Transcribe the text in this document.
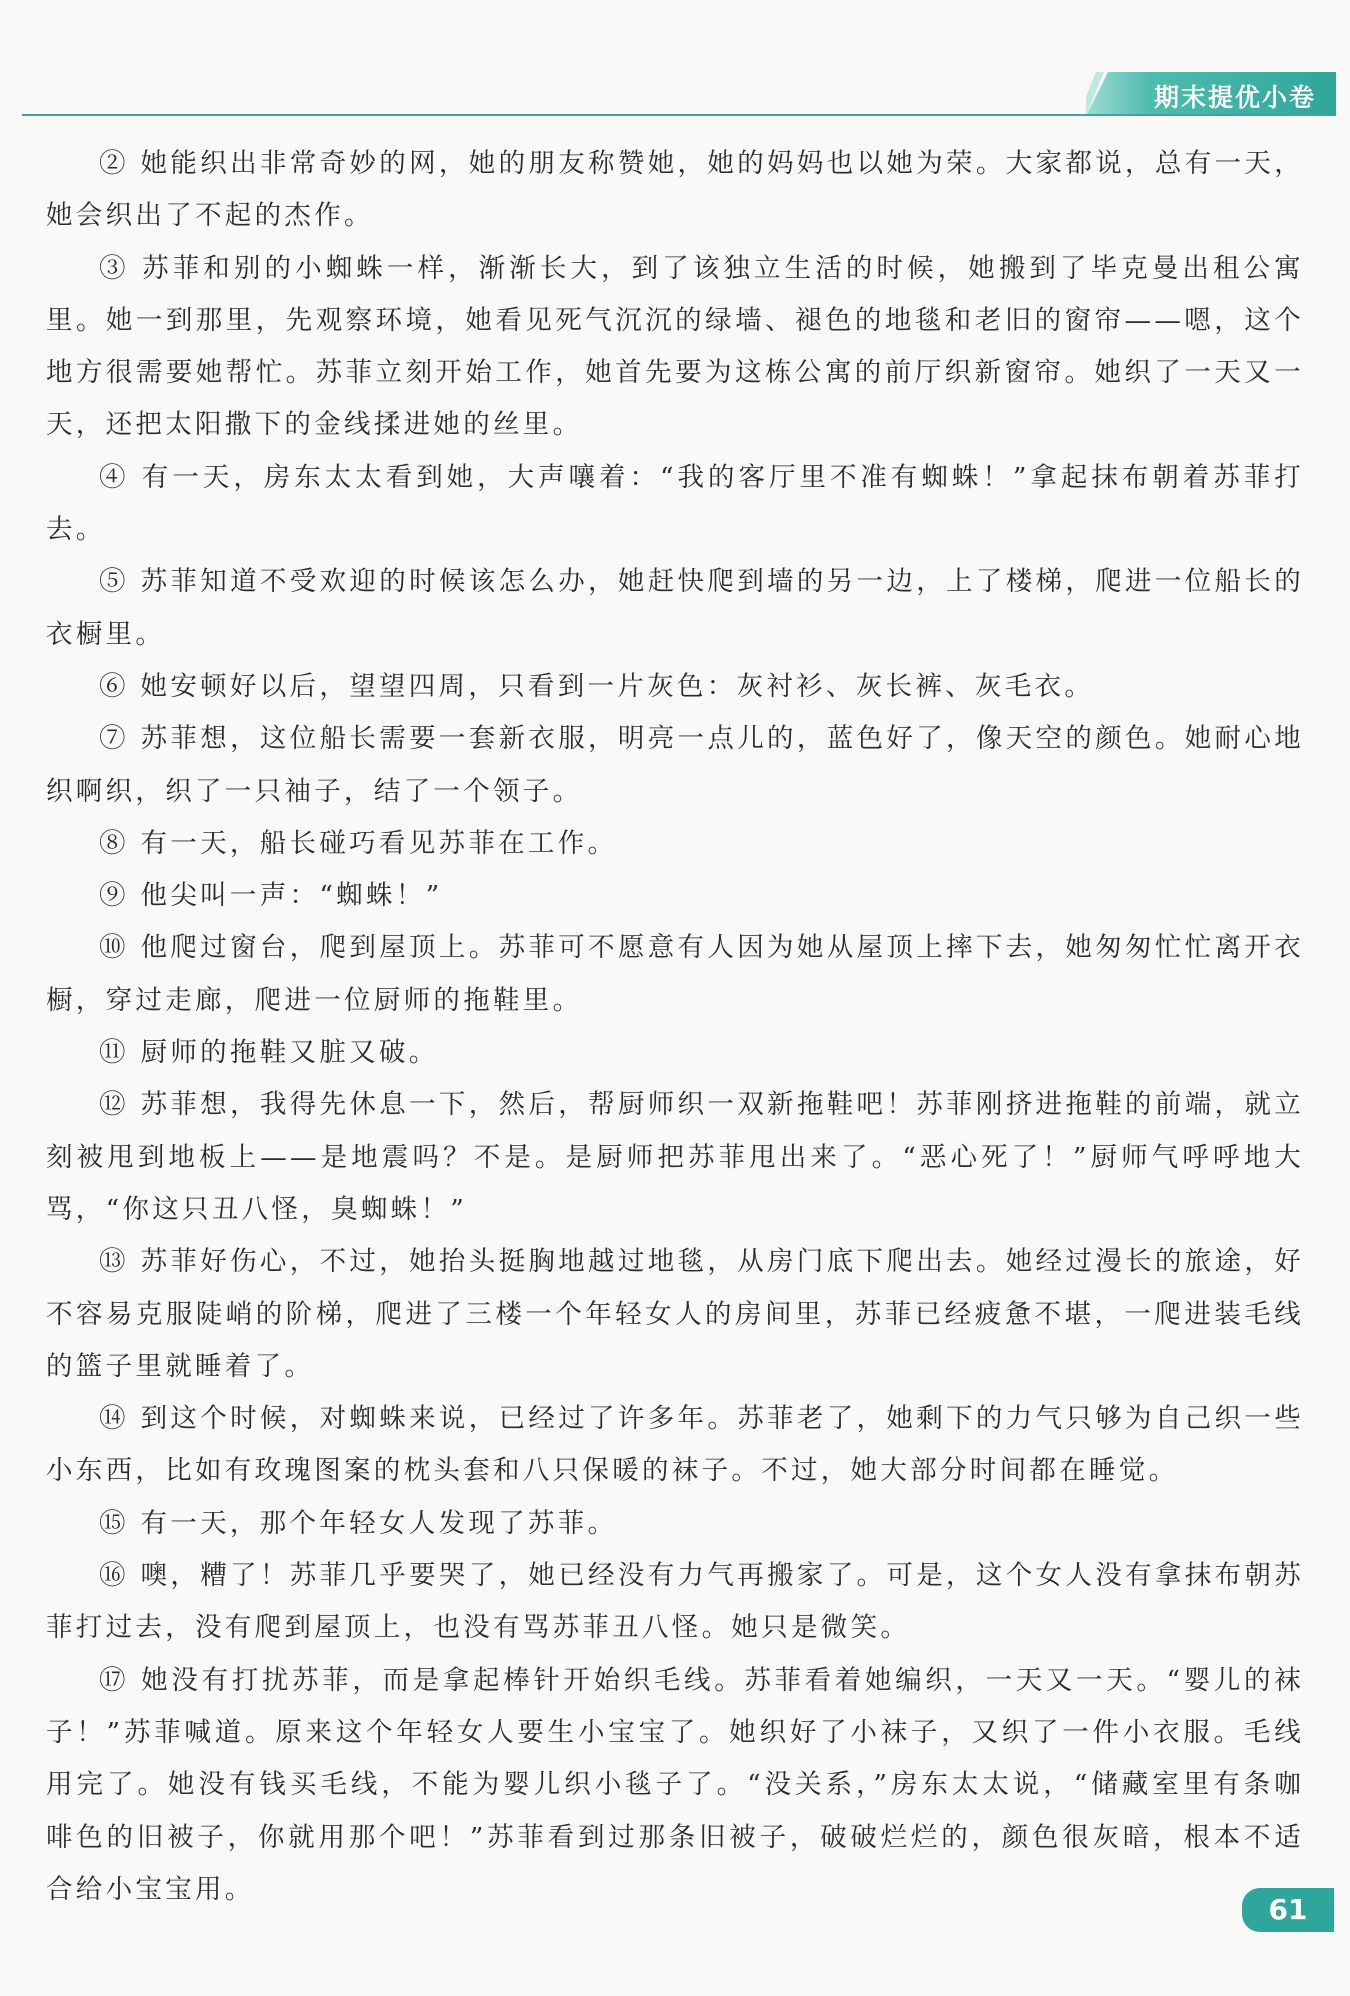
期末提优小卷

② 她能织出非常奇妙的网，她的朋友称赞她，她的妈妈也以她为荣。大家都说，总有一天，她会织出了不起的杰作。

③ 苏菲和别的小蜘蛛一样，渐渐长大，到了该独立生活的时候，她搬到了毕克曼出租公寓里。她一到那里，先观察环境，她看见死气沉沉的绿墙、褪色的地毯和老旧的窗帘——嗯，这个地方很需要她帮忙。苏菲立刻开始工作，她首先要为这栋公寓的前厅织新窗帘。她织了一天又一天，还把太阳撒下的金线揉进她的丝里。

④ 有一天，房东太太看到她，大声嚷着：“我的客厅里不准有蜘蛛！”拿起抹布朝着苏菲打去。

⑤ 苏菲知道不受欢迎的时候该怎么办，她赶快爬到墙的另一边，上了楼梯，爬进一位船长的衣橱里。

⑥ 她安顿好以后，望望四周，只看到一片灰色：灰衬衫、灰长裤、灰毛衣。

⑦ 苏菲想，这位船长需要一套新衣服，明亮一点儿的，蓝色好了，像天空的颜色。她耐心地织啊织，织了一只袖子，结了一个领子。

⑧ 有一天，船长碰巧看见苏菲在工作。

⑨ 他尖叫一声：“蜘蛛！”

⑩ 他爬过窗台，爬到屋顶上。苏菲可不愿意有人因为她从屋顶上摔下去，她匆匆忙忙离开衣橱，穿过走廊，爬进一位厨师的拖鞋里。

⑪ 厨师的拖鞋又脏又破。

⑫ 苏菲想，我得先休息一下，然后，帮厨师织一双新拖鞋吧！苏菲刚挤进拖鞋的前端，就立刻被甩到地板上——是地震吗？不是。是厨师把苏菲甩出来了。“恶心死了！”厨师气呼呼地大骂，“你这只丑八怪，臭蜘蛛！”

⑬ 苏菲好伤心，不过，她抬头挺胸地越过地毯，从房门底下爬出去。她经过漫长的旅途，好不容易克服陡峭的阶梯，爬进了三楼一个年轻女人的房间里，苏菲已经疲惫不堪，一爬进装毛线的篮子里就睡着了。

⑭ 到这个时候，对蜘蛛来说，已经过了许多年。苏菲老了，她剩下的力气只够为自己织一些小东西，比如有玫瑰图案的枕头套和八只保暖的袜子。不过，她大部分时间都在睡觉。

⑮ 有一天，那个年轻女人发现了苏菲。

⑯ 噢，糟了！苏菲几乎要哭了，她已经没有力气再搬家了。可是，这个女人没有拿抹布朝苏菲打过去，没有爬到屋顶上，也没有骂苏菲丑八怪。她只是微笑。

⑰ 她没有打扰苏菲，而是拿起棒针开始织毛线。苏菲看着她编织，一天又一天。“婴儿的袜子！”苏菲喊道。原来这个年轻女人要生小宝宝了。她织好了小袜子，又织了一件小衣服。毛线用完了。她没有钱买毛线，不能为婴儿织小毯子了。“没关系，”房东太太说，“储藏室里有条咖啡色的旧被子，你就用那个吧！”苏菲看到过那条旧被子，破破烂烂的，颜色很灰暗，根本不适合给小宝宝用。

61
